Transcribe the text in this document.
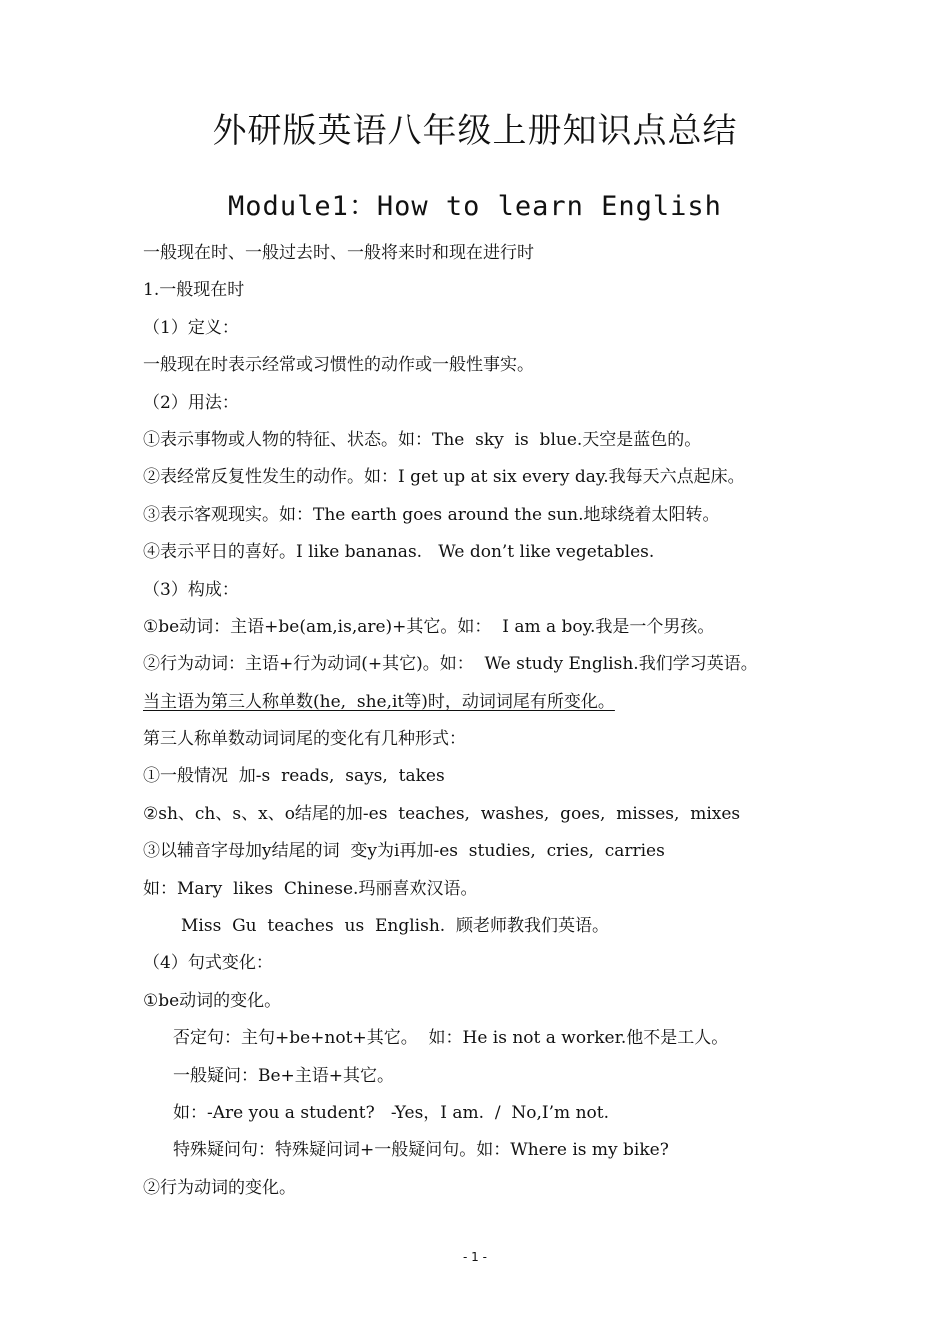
外研版英语八年级上册知识点总结
Module1：How to learn English
一般现在时、一般过去时、一般将来时和现在进行时
1.一般现在时
（1）定义：
一般现在时表示经常或习惯性的动作或一般性事实。
（2）用法：
①表示事物或人物的特征、状态。如：The  sky  is  blue.天空是蓝色的。
②表经常反复性发生的动作。如：I get up at six every day.我每天六点起床。
③表示客观现实。如：The earth goes around the sun.地球绕着太阳转。
④表示平日的喜好。I like bananas.   We don’t like vegetables.
（3）构成：
①be动词：主语+be(am,is,are)+其它。如：  I am a boy.我是一个男孩。
②行为动词：主语+行为动词(+其它)。如：  We study English.我们学习英语。
当主语为第三人称单数(he,  she,it等)时，动词词尾有所变化。
第三人称单数动词词尾的变化有几种形式：
①一般情况  加-s  reads,  says,  takes
②sh、ch、s、x、o结尾的加-es  teaches,  washes,  goes,  misses,  mixes
③以辅音字母加y结尾的词  变y为i再加-es  studies,  cries,  carries
如：Mary  likes  Chinese.玛丽喜欢汉语。
Miss  Gu  teaches  us  English.  顾老师教我们英语。
（4）句式变化：
①be动词的变化。
否定句：主句+be+not+其它。  如：He is not a worker.他不是工人。
一般疑问：Be+主语+其它。
如：-Are you a student?   -Yes，I am.  /  No,I’m not.
特殊疑问句：特殊疑问词+一般疑问句。如：Where is my bike?
②行为动词的变化。
- 1 -
